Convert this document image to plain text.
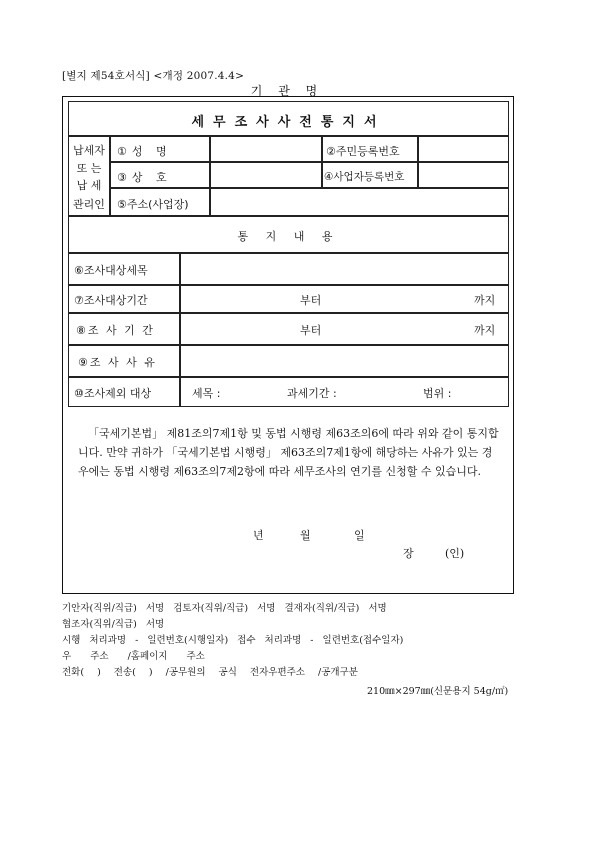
[별지 제54호서식] <개정 2007.4.4>
기 관 명
세무조사사전통지서
납세자
또 는
납 세
관리인
①성 명	②주민등록번호
③상 호	④사업자등록번호
⑤주소(사업장)
통 지 내 용
⑥조사대상세목
⑦조사대상기간	부터	까지
⑧조 사 기 간	부터	까지
⑨조 사 사 유
⑩조사제외 대상	세목 :	과세기간 :	범위 :

「국세기본법」 제81조의7제1항 및 동법 시행령 제63조의6에 따라 위와 같이 통지합니다. 만약 귀하가 「국세기본법 시행령」 제63조의7제1항에 해당하는 사유가 있는 경우에는 동법 시행령 제63조의7제2항에 따라 세무조사의 연기를 신청할 수 있습니다.

년	월	일
장	(인)
기안자(직위/직급) 서명 검토자(직위/직급) 서명 결재자(직위/직급) 서명
협조자(직위/직급) 서명
시행 처리과명 - 일련번호(시행일자) 접수 처리과명 - 일련번호(접수일자)
우 주소 /홈페이지 주소
전화( ) 전송( ) /공무원의 공식 전자우편주소 /공개구분
210㎜×297㎜(신문용지 54g/㎡)
